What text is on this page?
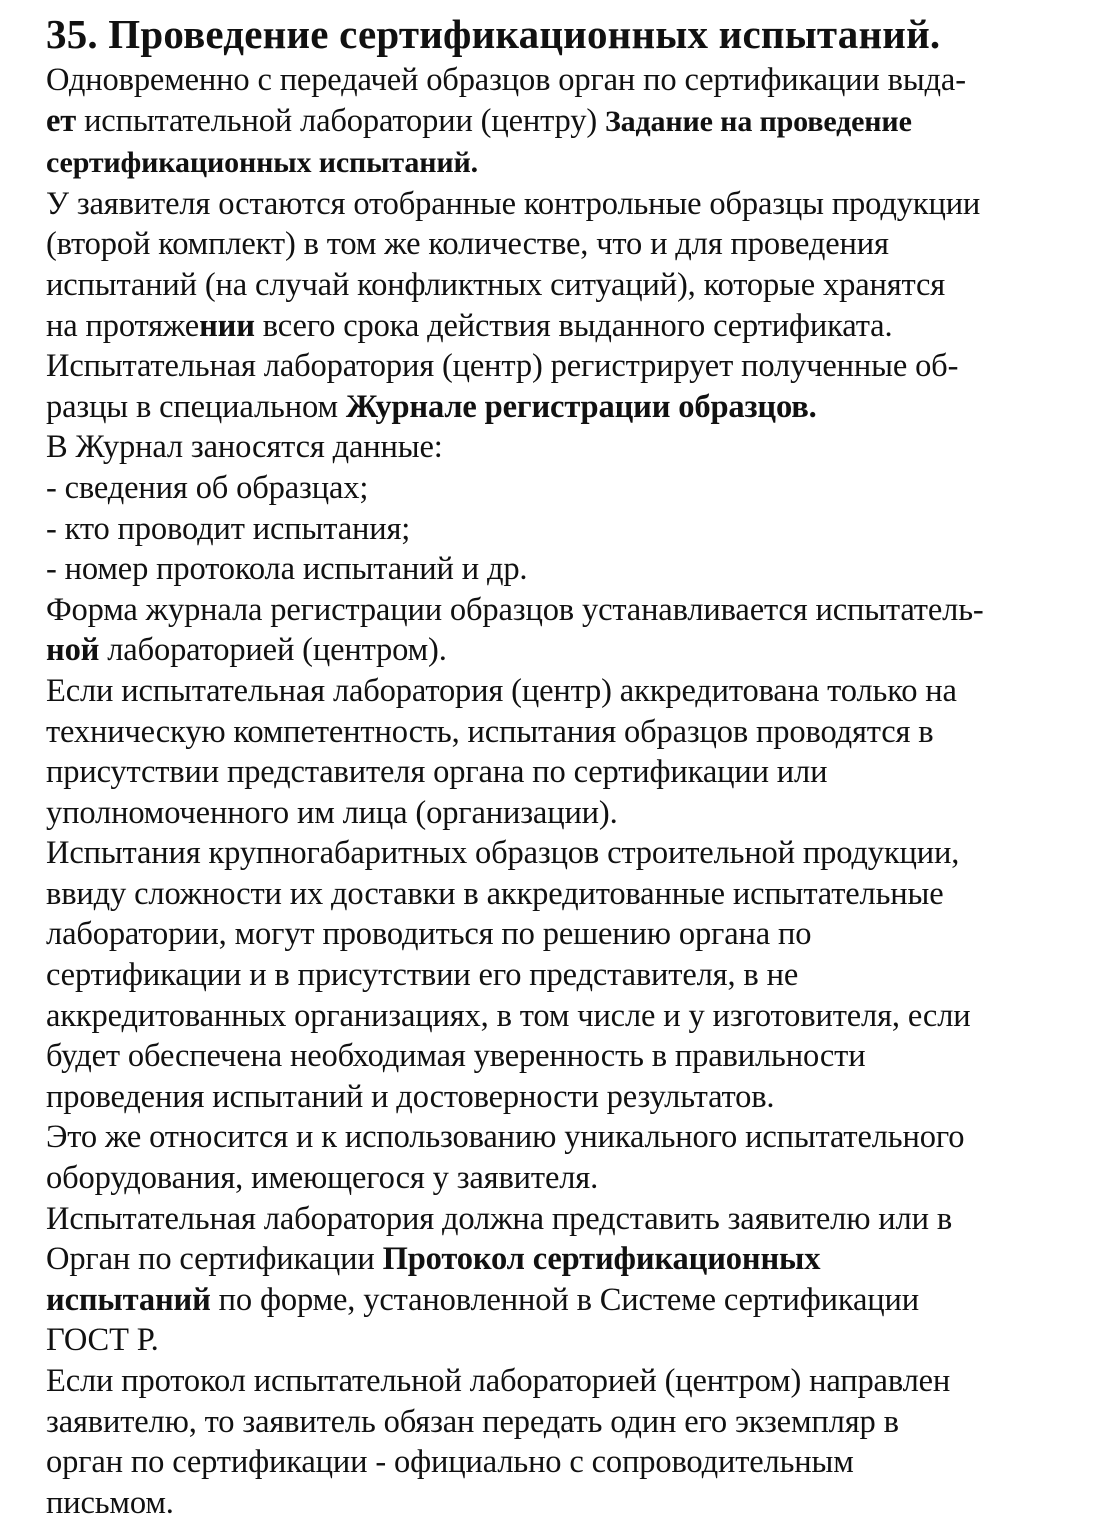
35. Проведение сертификационных испытаний.
Одновременно с передачей образцов орган по сертификации выда-
ет испытательной лаборатории (центру) Задание на проведение
сертификационных испытаний.
У заявителя остаются отобранные контрольные образцы продукции
(второй комплект) в том же количестве, что и для проведения
испытаний (на случай конфликтных ситуаций), которые хранятся
на протяжении всего срока действия выданного сертификата.
Испытательная лаборатория (центр) регистрирует полученные об-
разцы в специальном Журнале регистрации образцов.
В Журнал заносятся данные:
- сведения об образцах;
- кто проводит испытания;
- номер протокола испытаний и др.
Форма журнала регистрации образцов устанавливается испытатель-
ной лабораторией (центром).
Если испытательная лаборатория (центр) аккредитована только на
техническую компетентность, испытания образцов проводятся в
присутствии представителя органа по сертификации или
уполномоченного им лица (организации).
Испытания крупногабаритных образцов строительной продукции,
ввиду сложности их доставки в аккредитованные испытательные
лаборатории, могут проводиться по решению органа по
сертификации и в присутствии его представителя, в не
аккредитованных организациях, в том числе и у изготовителя, если
будет обеспечена необходимая уверенность в правильности
проведения испытаний и достоверности результатов.
Это же относится и к использованию уникального испытательного
оборудования, имеющегося у заявителя.
Испытательная лаборатория должна представить заявителю или в
Орган по сертификации Протокол сертификационных
испытаний по форме, установленной в Системе сертификации
ГОСТ Р.
Если протокол испытательной лабораторией (центром) направлен
заявителю, то заявитель обязан передать один его экземпляр в
орган по сертификации - официально с сопроводительным
письмом.
